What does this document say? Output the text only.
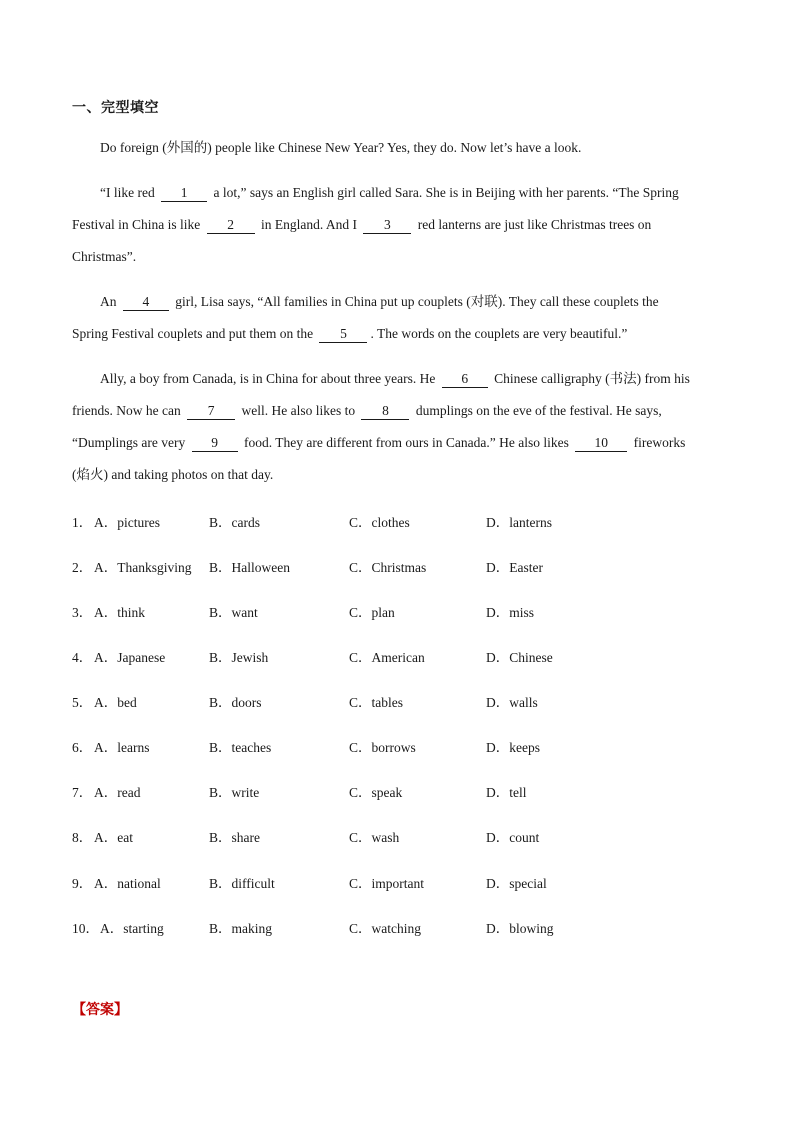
一、完型填空
Do foreign (外国的) people like Chinese New Year? Yes, they do. Now let’s have a look.
“I like red 1 a lot,” says an English girl called Sara. She is in Beijing with her parents. “The Spring
Festival in China is like 2 in England. And I 3 red lanterns are just like Christmas trees on
Christmas”.
An 4 girl, Lisa says, “All families in China put up couplets (对联). They call these couplets the
Spring Festival couplets and put them on the 5 . The words on the couplets are very beautiful.”
Ally, a boy from Canada, is in China for about three years. He 6 Chinese calligraphy (书法) from his
friends. Now he can 7 well. He also likes to 8 dumplings on the eve of the festival. He says,
“Dumplings are very 9 food. They are different from ours in Canada.” He also likes 10 fireworks
(焰火) and taking photos on that day.
1． A．pictures	B．cards	C．clothes	D．lanterns
2． A．Thanksgiving B．Halloween	C．Christmas	D．Easter
3． A．think	B．want	C．plan	D．miss
4． A．Japanese	B．Jewish	C．American	D．Chinese
5． A．bed	B．doors	C．tables	D．walls
6． A．learns	B．teaches	C．borrows	D．keeps
7． A．read	B．write	C．speak	D．tell
8． A．eat	B．share	C．wash	D．count
9． A．national	B．difficult	C．important	D．special
10． A．starting	B．making	C．watching	D．blowing
【答案】
